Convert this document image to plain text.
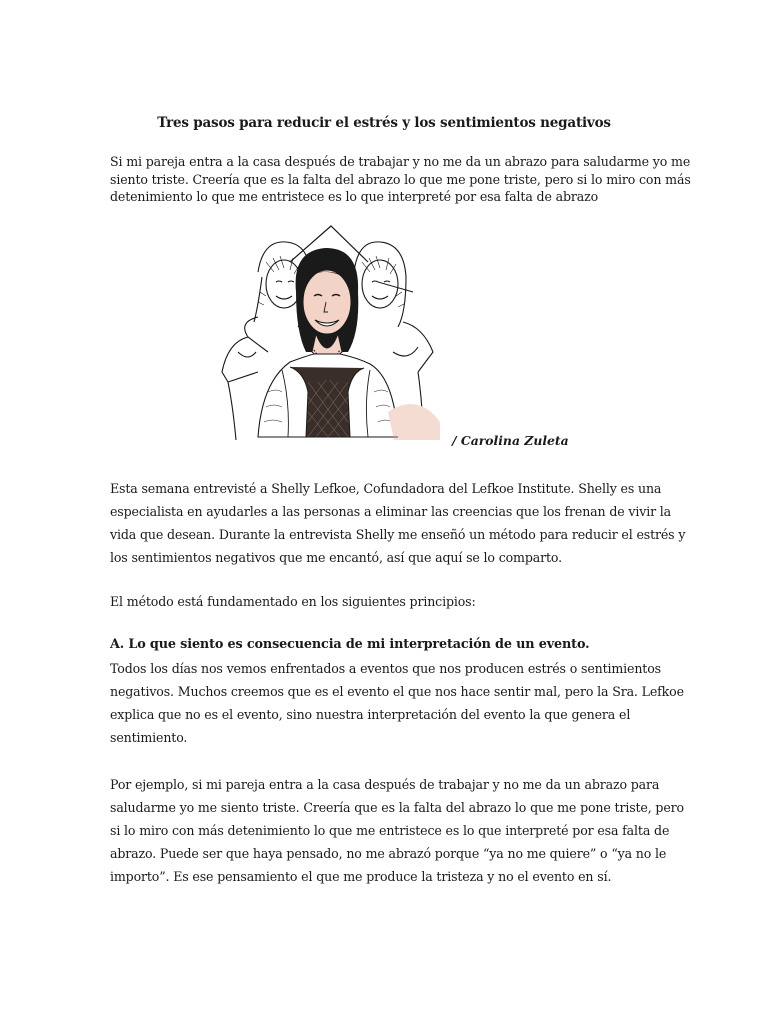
Tres pasos para reducir el estrés y los sentimientos negativos
Si mi pareja entra a la casa después de trabajar y no me da un abrazo para saludarme yo me
siento triste. Creería que es la falta del abrazo lo que me pone triste, pero si lo miro con más
detenimiento lo que me entristece es lo que interpreté por esa falta de abrazo
/ Carolina Zuleta
Esta semana entrevisté a Shelly Lefkoe, Cofundadora del Lefkoe Institute. Shelly es una
especialista en ayudarles a las personas a eliminar las creencias que los frenan de vivir la
vida que desean. Durante la entrevista Shelly me enseñó un método para reducir el estrés y
los sentimientos negativos que me encantó, así que aquí se lo comparto.
El método está fundamentado en los siguientes principios:
A. Lo que siento es consecuencia de mi interpretación de un evento.
Todos los días nos vemos enfrentados a eventos que nos producen estrés o sentimientos
negativos. Muchos creemos que es el evento el que nos hace sentir mal, pero la Sra. Lefkoe
explica que no es el evento, sino nuestra interpretación del evento la que genera el
sentimiento.
Por ejemplo, si mi pareja entra a la casa después de trabajar y no me da un abrazo para
saludarme yo me siento triste. Creería que es la falta del abrazo lo que me pone triste, pero
si lo miro con más detenimiento lo que me entristece es lo que interpreté por esa falta de
abrazo. Puede ser que haya pensado, no me abrazó porque “ya no me quiere” o “ya no le
importo”. Es ese pensamiento el que me produce la tristeza y no el evento en sí.
